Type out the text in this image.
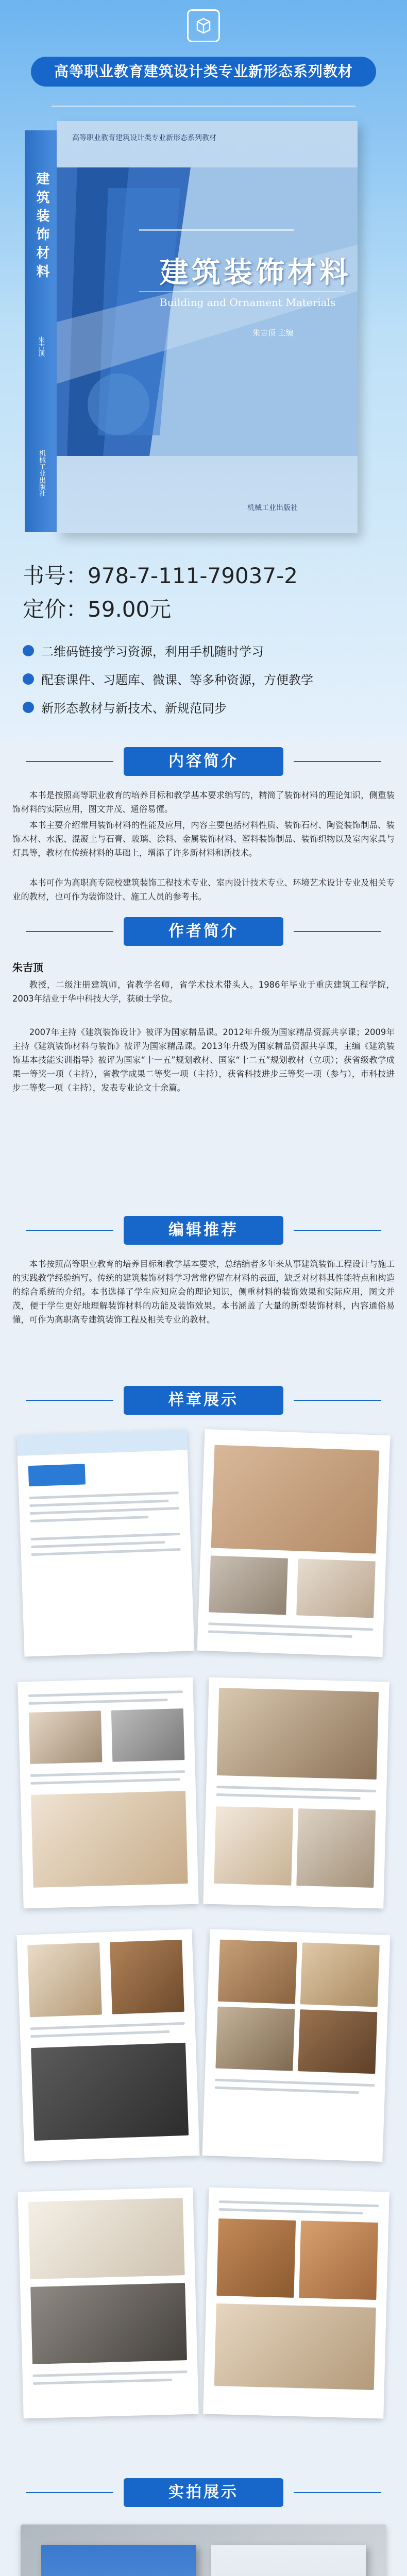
高等职业教育建筑设计类专业新形态系列教材
建筑装饰材料
朱吉顶
机械工业出版社
高等职业教育建筑设计类专业新形态系列教材
建筑装饰材料
Building and Ornament Materials
朱吉顶 主编
机械工业出版社
书号：978-7-111-79037-2
定价：59.00元
二维码链接学习资源，利用手机随时学习
配套课件、习题库、微课、等多种资源，方便教学
新形态教材与新技术、新规范同步
内容简介
本书是按照高等职业教育的培养目标和教学基本要求编写的，精简了装饰材料的理论知识，侧重装饰材料的实际应用，图文并茂、通俗易懂。
本书主要介绍常用装饰材料的性能及应用，内容主要包括材料性质、装饰石材、陶瓷装饰制品、装饰木材、水泥、混凝土与石膏、玻璃、涂料、金属装饰材料、塑料装饰制品、装饰织物以及室内家具与灯具等，教材在传统材料的基础上，增添了许多新材料和新技术。
本书可作为高职高专院校建筑装饰工程技术专业、室内设计技术专业、环境艺术设计专业及相关专业的教材，也可作为装饰设计、施工人员的参考书。
作者简介
朱吉顶
教授，二级注册建筑师，省教学名师，省学术技术带头人。1986年毕业于重庆建筑工程学院，2003年结业于华中科技大学，获硕士学位。
2007年主持《建筑装饰设计》被评为国家精品课。2012年升级为国家精品资源共享课；2009年主持《建筑装饰材料与装饰》被评为国家精品课。2013年升级为国家精品资源共享课，主编《建筑装饰基本技能实训指导》被评为国家“十一五”规划教材、国家“十二五”规划教材（立项）；获省级教学成果一等奖一项（主持），省教学成果二等奖一项（主持），获省科技进步三等奖一项（参与），市科技进步二等奖一项（主持），发表专业论文十余篇。
编辑推荐
本书按照高等职业教育的培养目标和教学基本要求，总结编者多年来从事建筑装饰工程设计与施工的实践教学经验编写。传统的建筑装饰材料学习常常停留在材料的表面，缺乏对材料其性能特点和构造的综合系统的介绍。本书选择了学生应知应会的理论知识，侧重材料的装饰效果和实际应用，图文并茂，便于学生更好地理解装饰材料的功能及装饰效果。本书涵盖了大量的新型装饰材料，内容通俗易懂，可作为高职高专建筑装饰工程及相关专业的教材。
样章展示
实拍展示
